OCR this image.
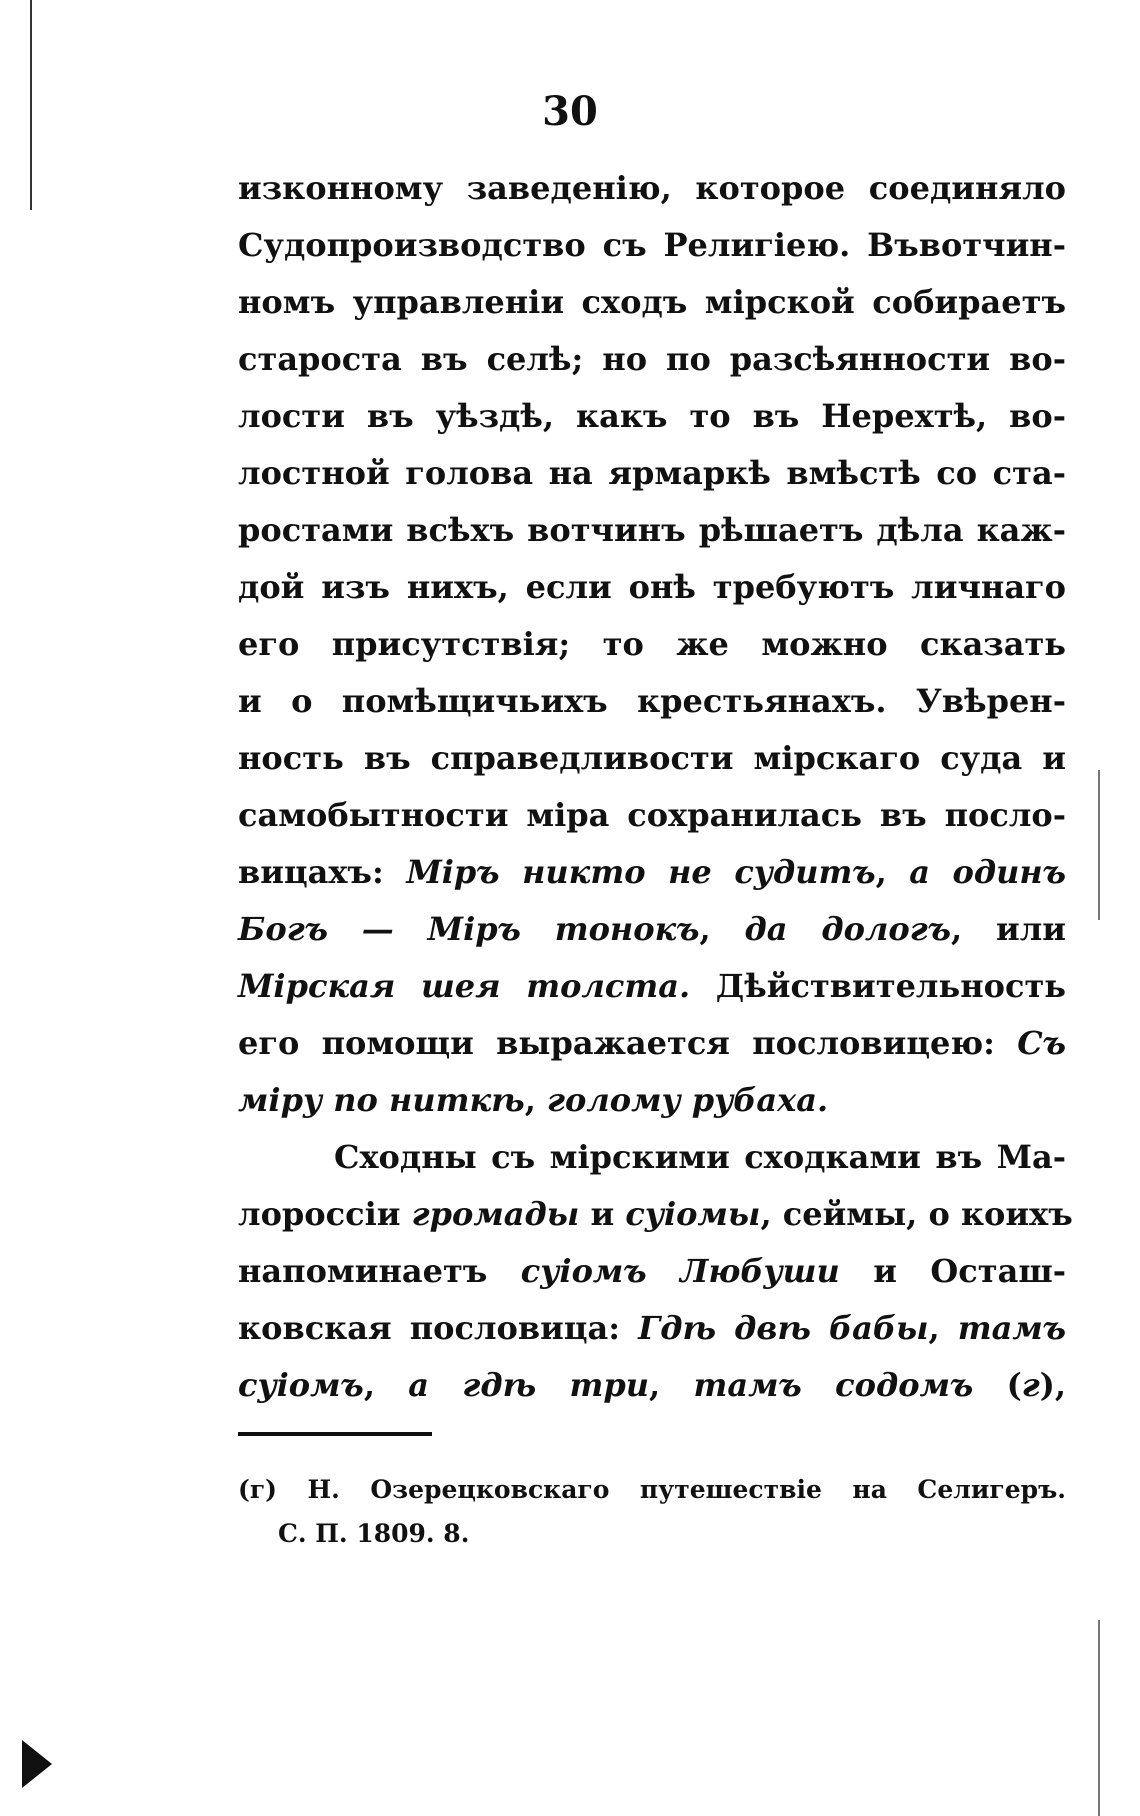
30
изконному заведенію, которое соединяло
Судопроизводство съ Религіею. Въвотчин-
номъ управленіи сходъ мірской собираетъ
староста въ селѣ; но по разсѣянности во-
лости въ уѣздѣ, какъ то въ Нерехтѣ, во-
лостной голова на ярмаркѣ вмѣстѣ со ста-
ростами всѣхъ вотчинъ рѣшаетъ дѣла каж-
дой изъ нихъ, если онѣ требуютъ личнаго
его присутствія; то же можно сказать
и о помѣщичьихъ крестьянахъ. Увѣрен-
ность въ справедливости мірскаго суда и
самобытности міра сохранилась въ посло-
вицахъ: Міръ никто не судитъ, а одинъ
Богъ — Міръ тонокъ, да дологъ, или
Мірская шея толста. Дѣйствительность
его помощи выражается пословицею: Съ
міру по ниткѣ, голому рубаха.
Сходны съ мірскими сходками въ Ма-
лороссіи громады и суіомы, сеймы, о коихъ
напоминаетъ суіомъ Любуши и Осташ-
ковская пословица: Гдѣ двѣ бабы, тамъ
суіомъ, а гдѣ три, тамъ содомъ (г),
(г) Н. Озерецковскаго путешествіе на Селигеръ.
С. П. 1809. 8.
